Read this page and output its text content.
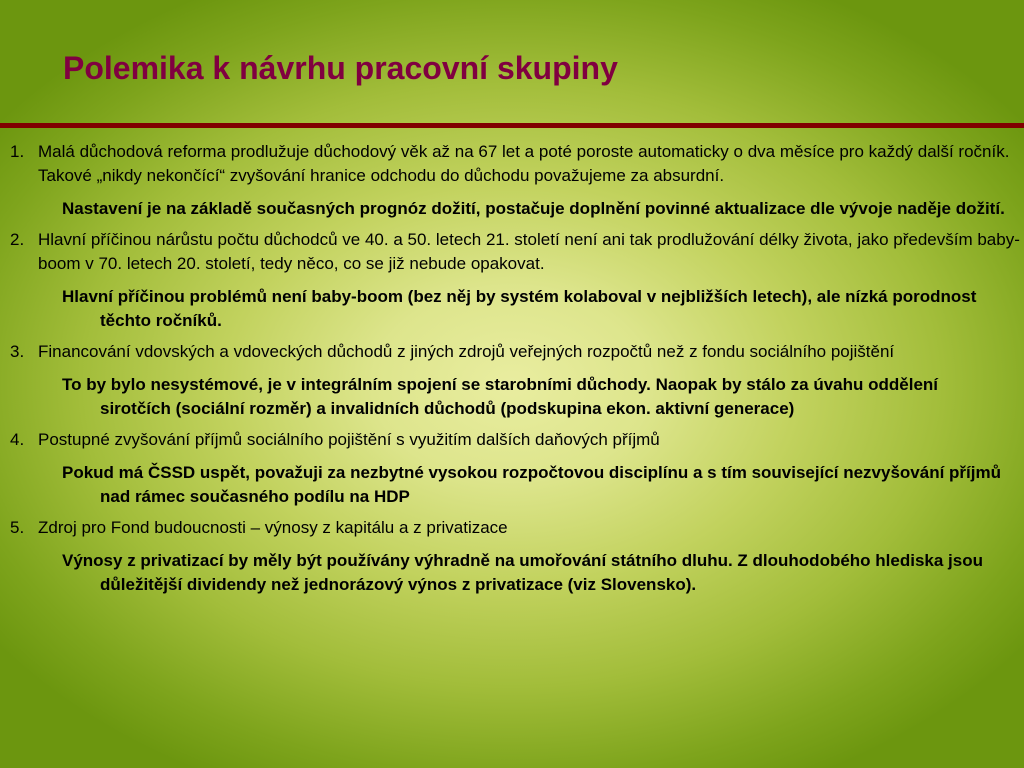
Polemika k návrhu pracovní skupiny

1. Malá důchodová reforma prodlužuje důchodový věk až na 67 let a poté poroste automaticky o dva měsíce pro každý další ročník. Takové „nikdy nekončící“ zvyšování hranice odchodu do důchodu považujeme za absurdní.

Nastavení je na základě současných prognóz dožití, postačuje doplnění povinné aktualizace dle vývoje naděje dožití.

2. Hlavní příčinou nárůstu počtu důchodců ve 40. a 50. letech 21. století není ani tak prodlužování délky života, jako především baby-boom v 70. letech 20. století, tedy něco, co se již nebude opakovat.

Hlavní příčinou problémů není baby-boom (bez něj by systém kolaboval v nejbližších letech), ale nízká porodnost těchto ročníků.

3. Financování vdovských a vdoveckých důchodů z jiných zdrojů veřejných rozpočtů než z fondu sociálního pojištění

To by bylo nesystémové, je v integrálním spojení se starobními důchody. Naopak by stálo za úvahu oddělení sirotčích (sociální rozměr) a invalidních důchodů (podskupina ekon. aktivní generace)

4. Postupné zvyšování příjmů sociálního pojištění s využitím dalších daňových příjmů

Pokud má ČSSD uspět, považuji za nezbytné vysokou rozpočtovou disciplínu a s tím související nezvyšování příjmů nad rámec současného podílu na HDP

5. Zdroj pro Fond budoucnosti – výnosy z kapitálu a z privatizace

Výnosy z privatizací by měly být používány výhradně na umořování státního dluhu. Z dlouhodobého hlediska jsou důležitější dividendy než jednorázový výnos z privatizace (viz Slovensko).
